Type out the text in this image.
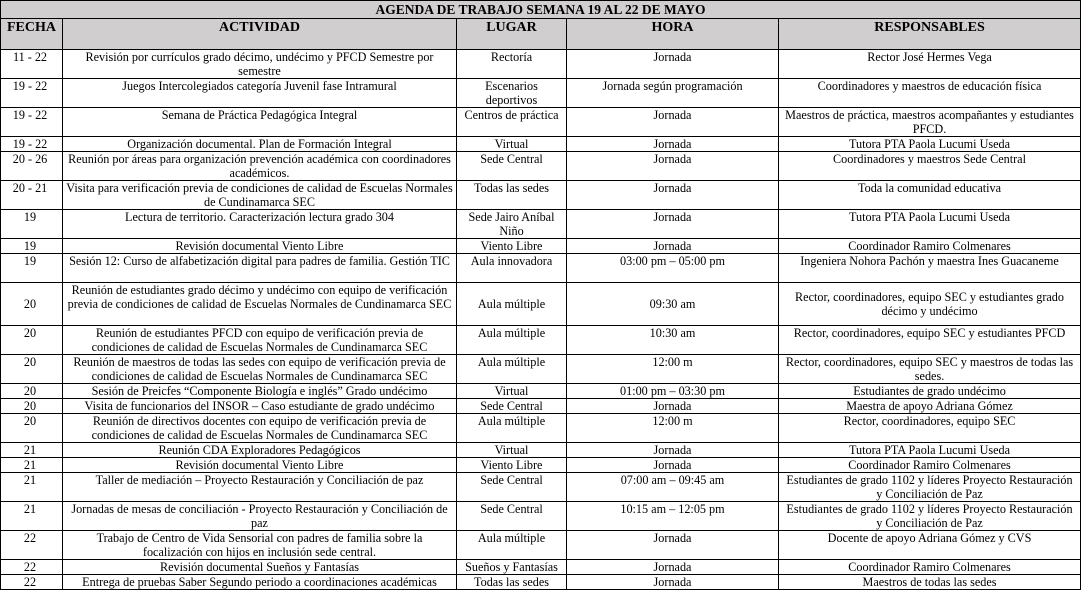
AGENDA DE TRABAJO SEMANA 19 AL 22 DE MAYO				
FECHA	ACTIVIDAD	LUGAR	HORA	RESPONSABLES
11 - 22	Revisión por currículos grado décimo, undécimo y PFCD Semestre por semestre	Rectoría	Jornada	Rector José Hermes Vega
19 - 22	Juegos Intercolegiados categoría Juvenil fase Intramural	Escenarios deportivos	Jornada según programación	Coordinadores y maestros de educación física
19 - 22	Semana de Práctica Pedagógica Integral	Centros de práctica	Jornada	Maestros de práctica, maestros acompañantes y estudiantes PFCD.
19 - 22	Organización documental. Plan de Formación Integral	Virtual	Jornada	Tutora PTA Paola Lucumi Useda
20 - 26	Reunión por áreas para organización prevención académica con coordinadores académicos.	Sede Central	Jornada	Coordinadores y maestros Sede Central
20 - 21	Visita para verificación previa de condiciones de calidad de Escuelas Normales de Cundinamarca SEC	Todas las sedes	Jornada	Toda la comunidad educativa
19	Lectura de territorio. Caracterización lectura grado 304	Sede Jairo Aníbal Niño	Jornada	Tutora PTA Paola Lucumi Useda
19	Revisión documental Viento Libre	Viento Libre	Jornada	Coordinador Ramiro Colmenares
19	Sesión 12: Curso de alfabetización digital para padres de familia. Gestión TIC	Aula innovadora	03:00 pm – 05:00 pm	Ingeniera Nohora Pachón y maestra Ines Guacaneme
20	Reunión de estudiantes grado décimo y undécimo con equipo de verificación previa de condiciones de calidad de Escuelas Normales de Cundinamarca SEC	Aula múltiple	09:30 am	Rector, coordinadores, equipo SEC y estudiantes grado décimo y undécimo
20	Reunión de estudiantes PFCD con equipo de verificación previa de condiciones de calidad de Escuelas Normales de Cundinamarca SEC	Aula múltiple	10:30 am	Rector, coordinadores, equipo SEC y estudiantes PFCD
20	Reunión de maestros de todas las sedes con equipo de verificación previa de condiciones de calidad de Escuelas Normales de Cundinamarca SEC	Aula múltiple	12:00 m	Rector, coordinadores, equipo SEC y maestros de todas las sedes.
20	Sesión de Preicfes “Componente Biología e inglés” Grado undécimo	Virtual	01:00 pm – 03:30 pm	Estudiantes de grado undécimo
20	Visita de funcionarios del INSOR – Caso estudiante de grado undécimo	Sede Central	Jornada	Maestra de apoyo Adriana Gómez
20	Reunión de directivos docentes con equipo de verificación previa de condiciones de calidad de Escuelas Normales de Cundinamarca SEC	Aula múltiple	12:00 m	Rector, coordinadores, equipo SEC
21	Reunión CDA Exploradores Pedagógicos	Virtual	Jornada	Tutora PTA Paola Lucumi Useda
21	Revisión documental Viento Libre	Viento Libre	Jornada	Coordinador Ramiro Colmenares
21	Taller de mediación – Proyecto Restauración y Conciliación de paz	Sede Central	07:00 am – 09:45 am	Estudiantes de grado 1102 y líderes Proyecto Restauración y Conciliación de Paz
21	Jornadas de mesas de conciliación - Proyecto Restauración y Conciliación de paz	Sede Central	10:15 am – 12:05 pm	Estudiantes de grado 1102 y líderes Proyecto Restauración y Conciliación de Paz
22	Trabajo de Centro de Vida Sensorial con padres de familia sobre la focalización con hijos en inclusión sede central.	Aula múltiple	Jornada	Docente de apoyo Adriana Gómez y CVS
22	Revisión documental Sueños y Fantasías	Sueños y Fantasías	Jornada	Coordinador Ramiro Colmenares
22	Entrega de pruebas Saber Segundo periodo a coordinaciones académicas	Todas las sedes	Jornada	Maestros de todas las sedes
